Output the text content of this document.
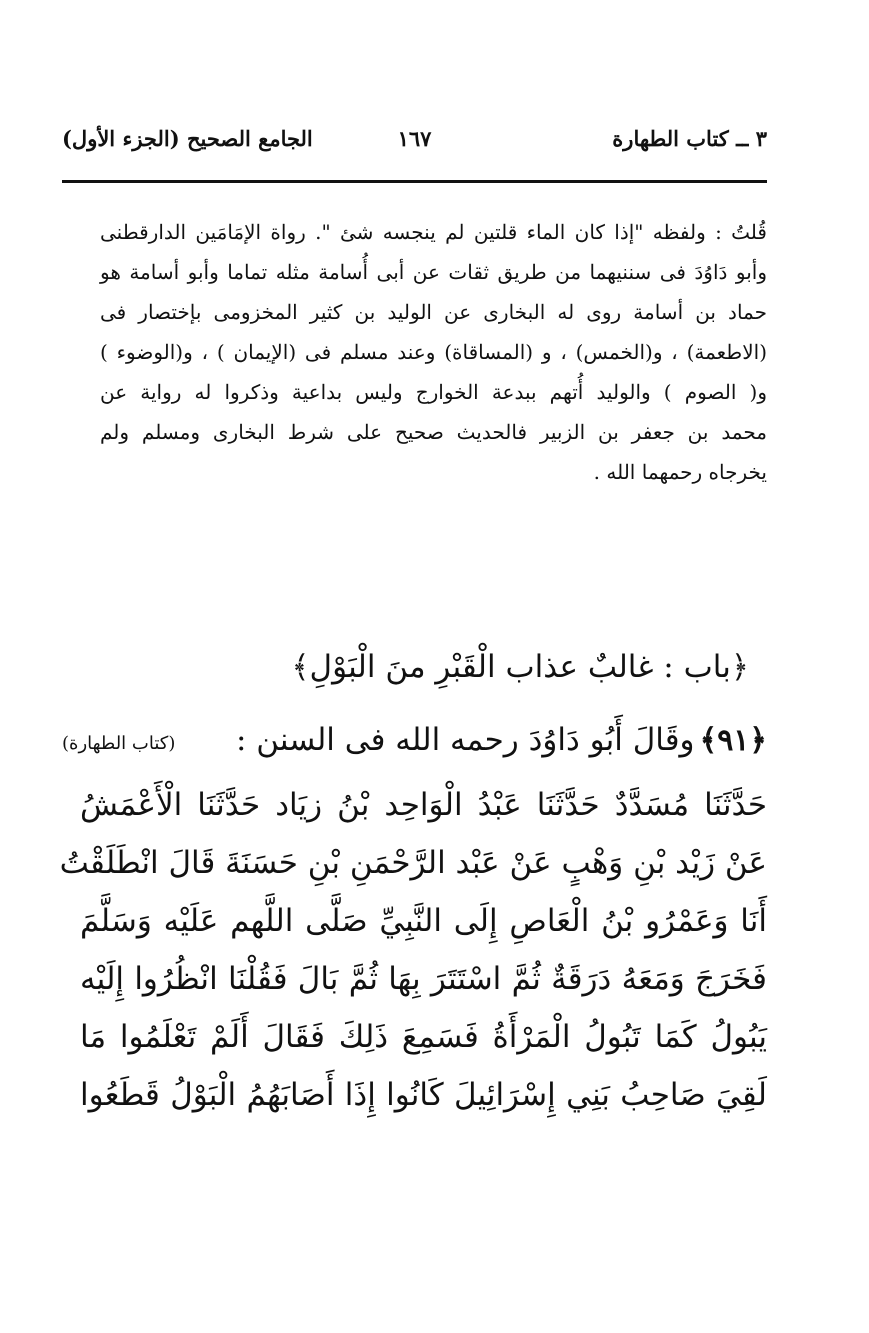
٣ ــ كتاب الطهارة
١٦٧
الجامع الصحيح (الجزء الأول)
قُلتُ : ولفظه "إذا كان الماء قلتين لم ينجسه شئ ". رواة الإمَامَين الدارقطنى
وأبو دَاوُدَ فى سننيهما من طريق ثقات عن أبى أُسامة مثله تماما وأبو أسامة هو
حماد بن أسامة روى له البخارى عن الوليد بن كثير المخزومى بإختصار فى
(الاطعمة) ، و(الخمس) ، و (المساقاة) وعند مسلم فى (الإيمان ) ، و(الوضوء )
و( الصوم ) والوليد أُتهم ببدعة الخوارج وليس بداعية وذكروا له رواية عن
محمد بن جعفر بن الزبير فالحديث صحيح على شرط البخارى ومسلم ولم
يخرجاه رحمهما الله .
﴿باب : غالبٌ عذاب الْقَبْرِ منَ الْبَوْلِ﴾
﴿٩١﴾ وقَالَ أَبُو دَاوُدَ رحمه الله فى السنن :
(كتاب الطهارة)
حَدَّثَنَا مُسَدَّدٌ حَدَّثَنَا عَبْدُ الْوَاحِد بْنُ زيَاد حَدَّثَنَا الْأَعْمَشُ
عَنْ زَيْد بْنِ وَهْبٍ عَنْ عَبْد الرَّحْمَنِ بْنِ حَسَنَةَ قَالَ انْطَلَقْتُ
أَنَا وَعَمْرُو بْنُ الْعَاصِ إِلَى النَّبِيِّ صَلَّى اللَّهم عَلَيْه وَسَلَّمَ
فَخَرَجَ وَمَعَهُ دَرَقَةٌ ثُمَّ اسْتَتَرَ بِهَا ثُمَّ بَالَ فَقُلْنَا انْظُرُوا إِلَيْه
يَبُولُ كَمَا تَبُولُ الْمَرْأَةُ فَسَمِعَ ذَلِكَ فَقَالَ أَلَمْ تَعْلَمُوا مَا
لَقِيَ صَاحِبُ بَنِي إِسْرَائِيلَ كَانُوا إِذَا أَصَابَهُمُ الْبَوْلُ قَطَعُوا
